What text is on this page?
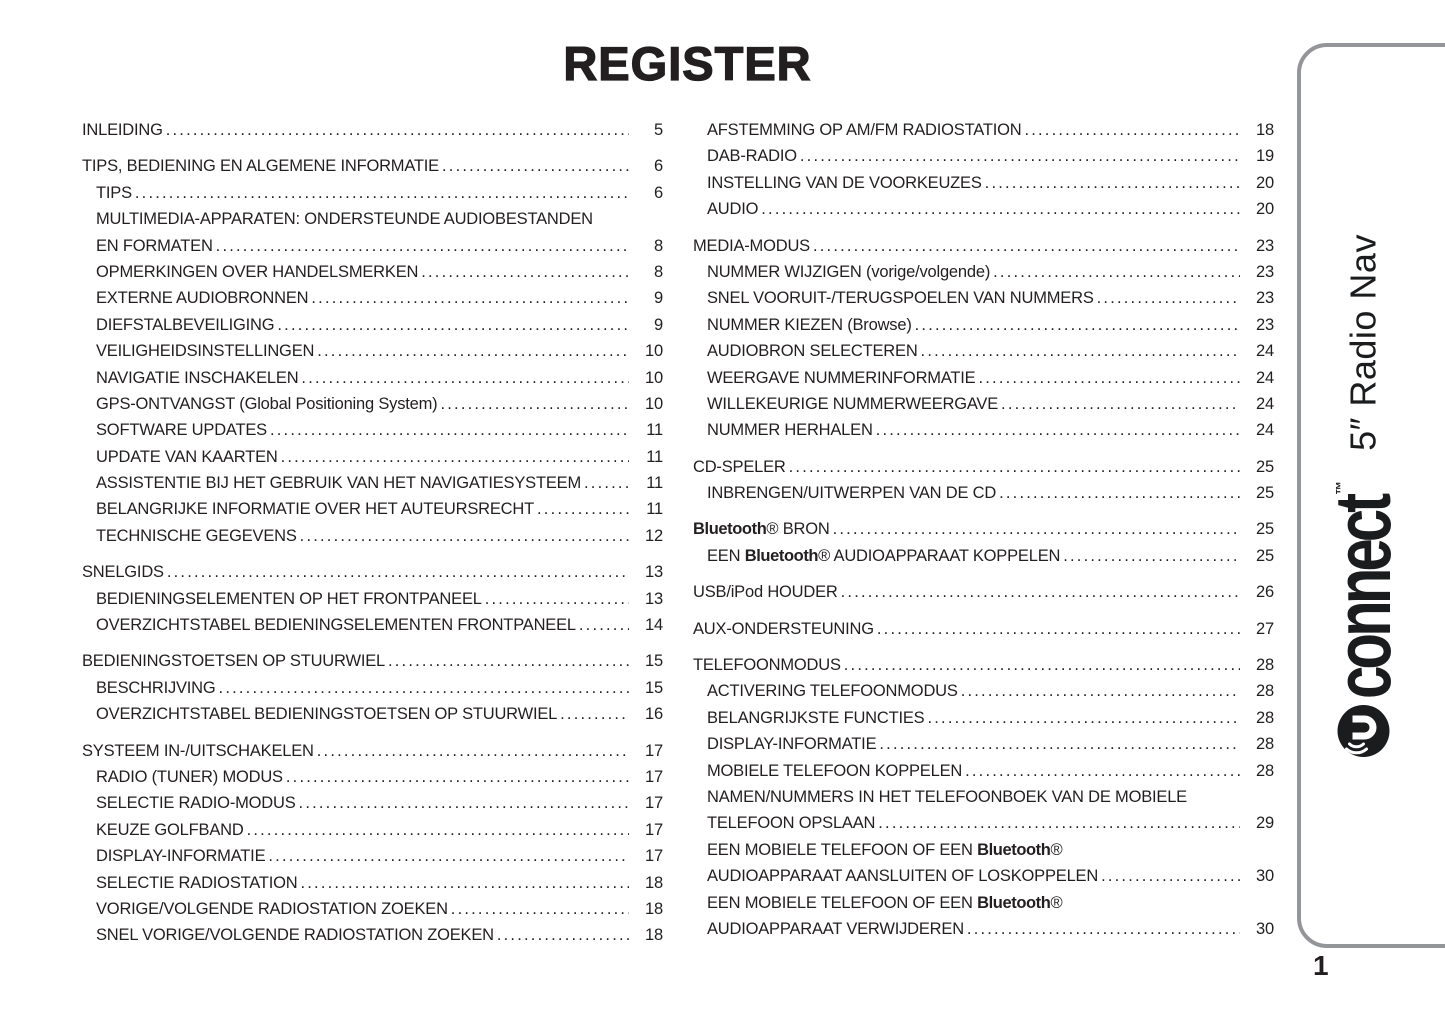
REGISTER
INLEIDING .....	5
TIPS, BEDIENING EN ALGEMENE INFORMATIE .....	6
TIPS .....	6
MULTIMEDIA-APPARATEN: ONDERSTEUNDE AUDIOBESTANDEN
EN FORMATEN .....	8
OPMERKINGEN OVER HANDELSMERKEN .....	8
EXTERNE AUDIOBRONNEN .....	9
DIEFSTALBEVEILIGING .....	9
VEILIGHEIDSINSTELLINGEN .....	10
NAVIGATIE INSCHAKELEN .....	10
GPS-ONTVANGST (Global Positioning System) .....	10
SOFTWARE UPDATES .....	11
UPDATE VAN KAARTEN .....	11
ASSISTENTIE BIJ HET GEBRUIK VAN HET NAVIGATIESYSTEEM .....	11
BELANGRIJKE INFORMATIE OVER HET AUTEURSRECHT .....	11
TECHNISCHE GEGEVENS .....	12
SNELGIDS .....	13
BEDIENINGSELEMENTEN OP HET FRONTPANEEL .....	13
OVERZICHTSTABEL BEDIENINGSELEMENTEN FRONTPANEEL .....	14
BEDIENINGSTOETSEN OP STUURWIEL .....	15
BESCHRIJVING .....	15
OVERZICHTSTABEL BEDIENINGSTOETSEN OP STUURWIEL .....	16
SYSTEEM IN-/UITSCHAKELEN .....	17
RADIO (TUNER) MODUS .....	17
SELECTIE RADIO-MODUS .....	17
KEUZE GOLFBAND .....	17
DISPLAY-INFORMATIE .....	17
SELECTIE RADIOSTATION .....	18
VORIGE/VOLGENDE RADIOSTATION ZOEKEN .....	18
SNEL VORIGE/VOLGENDE RADIOSTATION ZOEKEN .....	18
AFSTEMMING OP AM/FM RADIOSTATION .....	18
DAB-RADIO .....	19
INSTELLING VAN DE VOORKEUZES .....	20
AUDIO .....	20
MEDIA-MODUS .....	23
NUMMER WIJZIGEN (vorige/volgende) .....	23
SNEL VOORUIT-/TERUGSPOELEN VAN NUMMERS .....	23
NUMMER KIEZEN (Browse) .....	23
AUDIOBRON SELECTEREN .....	24
WEERGAVE NUMMERINFORMATIE .....	24
WILLEKEURIGE NUMMERWEERGAVE .....	24
NUMMER HERHALEN .....	24
CD-SPELER .....	25
INBRENGEN/UITWERPEN VAN DE CD .....	25
Bluetooth® BRON .....	25
EEN Bluetooth® AUDIOAPPARAAT KOPPELEN .....	25
USB/iPod HOUDER .....	26
AUX-ONDERSTEUNING .....	27
TELEFOONMODUS .....	28
ACTIVERING TELEFOONMODUS .....	28
BELANGRIJKSTE FUNCTIES .....	28
DISPLAY-INFORMATIE .....	28
MOBIELE TELEFOON KOPPELEN .....	28
NAMEN/NUMMERS IN HET TELEFOONBOEK VAN DE MOBIELE
TELEFOON OPSLAAN .....	29
EEN MOBIELE TELEFOON OF EEN Bluetooth®
AUDIOAPPARAAT AANSLUITEN OF LOSKOPPELEN .....	30
EEN MOBIELE TELEFOON OF EEN Bluetooth®
AUDIOAPPARAAT VERWIJDEREN .....	30
connect
™
5″ Radio Nav
1
